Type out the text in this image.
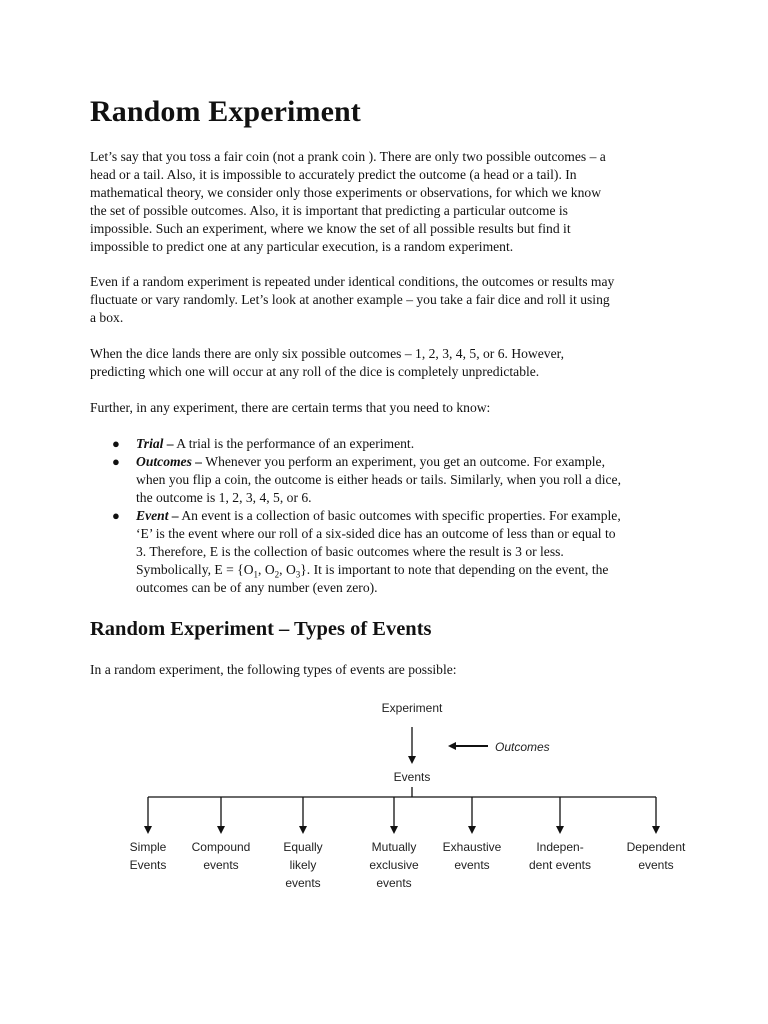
Random Experiment

Let’s say that you toss a fair coin (not a prank coin ). There are only two possible outcomes – a
head or a tail. Also, it is impossible to accurately predict the outcome (a head or a tail). In
mathematical theory, we consider only those experiments or observations, for which we know
the set of possible outcomes. Also, it is important that predicting a particular outcome is
impossible. Such an experiment, where we know the set of all possible results but find it
impossible to predict one at any particular execution, is a random experiment.

Even if a random experiment is repeated under identical conditions, the outcomes or results may
fluctuate or vary randomly. Let’s look at another example – you take a fair dice and roll it using
a box.

When the dice lands there are only six possible outcomes – 1, 2, 3, 4, 5, or 6. However,
predicting which one will occur at any roll of the dice is completely unpredictable.

Further, in any experiment, there are certain terms that you need to know:

● Trial – A trial is the performance of an experiment.
● Outcomes – Whenever you perform an experiment, you get an outcome. For example,
when you flip a coin, the outcome is either heads or tails. Similarly, when you roll a dice,
the outcome is 1, 2, 3, 4, 5, or 6.
● Event – An event is a collection of basic outcomes with specific properties. For example,
‘E’ is the event where our roll of a six-sided dice has an outcome of less than or equal to
3. Therefore, E is the collection of basic outcomes where the result is 3 or less.
Symbolically, $E = \{O_1$, $O_2$, $O_3$}. It is important to note that depending on the event, the
outcomes can be of any number (even zero).
Random Experiment – Types of Events

In a random experiment, the following types of events are possible:

Experiment
Outcomes
Events
Simple
Events
Compound
events
Equally
likely
events
Mutually
exclusive
events
Exhaustive
events
Indepen-
dent events
Dependent
events
